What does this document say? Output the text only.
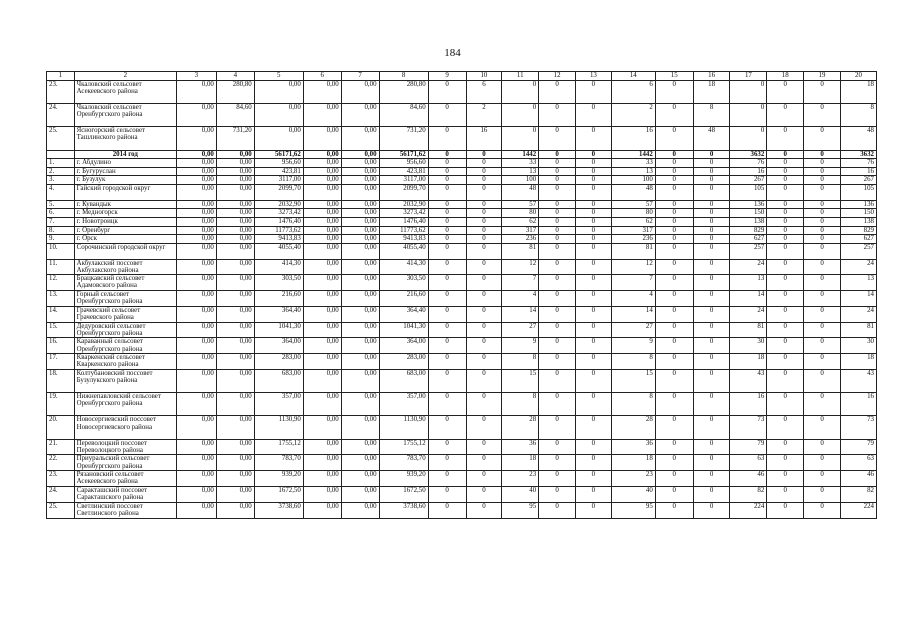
184
1	2	3	4	5	6	7	8	9	10	11	12	13	14	15	16	17	18	19	20
23.	Чкаловский сельсовет Асекеевского района	0,00	280,80	0,00	0,00	0,00	280,80	0	6	0	0	0	6	0	18	0	0	0	18
24.	Чкаловский сельсовет Оренбургского района	0,00	84,60	0,00	0,00	0,00	84,60	0	2	0	0	0	2	0	8	0	0	0	8
25.	Ясногорский сельсовет Ташлинского района	0,00	731,20	0,00	0,00	0,00	731,20	0	16	0	0	0	16	0	48	0	0	0	48
	2014 год	0,00	0,00	56171,62	0,00	0,00	56171,62	0	0	1442	0	0	1442	0	0	3632	0	0	3632
1.	г. Абдулино	0,00	0,00	956,60	0,00	0,00	956,60	0	0	33	0	0	33	0	0	76	0	0	76
2.	г. Бугуруслан	0,00	0,00	423,81	0,00	0,00	423,81	0	0	13	0	0	13	0	0	16	0	0	16
3.	г. Бузулук	0,00	0,00	3117,00	0,00	0,00	3117,00	0	0	100	0	0	100	0	0	267	0	0	267
4.	Гайский городской округ	0,00	0,00	2099,70	0,00	0,00	2099,70	0	0	48	0	0	48	0	0	105	0	0	105
5.	г. Кувандык	0,00	0,00	2032,90	0,00	0,00	2032,90	0	0	57	0	0	57	0	0	136	0	0	136
6.	г. Медногорск	0,00	0,00	3273,42	0,00	0,00	3273,42	0	0	80	0	0	80	0	0	150	0	0	150
7.	г. Новотроицк	0,00	0,00	1476,40	0,00	0,00	1476,40	0	0	62	0	0	62	0	0	138	0	0	138
8.	г. Оренбург	0,00	0,00	11773,62	0,00	0,00	11773,62	0	0	317	0	0	317	0	0	829	0	0	829
9.	г. Орск	0,00	0,00	9413,83	0,00	0,00	9413,83	0	0	236	0	0	236	0	0	627	0	0	627
10.	Сорочинский городской округ	0,00	0,00	4055,40	0,00	0,00	4055,40	0	0	81	0	0	81	0	0	257	0	0	257
11.	Акбулакский поссовет Акбулакского района	0,00	0,00	414,30	0,00	0,00	414,30	0	0	12	0	0	12	0	0	24	0	0	24
12.	Брацкавский сельсовет Адамовского района	0,00	0,00	303,50	0,00	0,00	303,50	0	0	7	0	0	7	0	0	13	0	0	13
13.	Горный сельсовет Оренбургского района	0,00	0,00	216,60	0,00	0,00	216,60	0	0	4	0	0	4	0	0	14	0	0	14
14.	Грачевский сельсовет Грачевского района	0,00	0,00	364,40	0,00	0,00	364,40	0	0	14	0	0	14	0	0	24	0	0	24
15.	Дедуровский сельсовет Оренбургского района	0,00	0,00	1041,30	0,00	0,00	1041,30	0	0	27	0	0	27	0	0	81	0	0	81
16.	Караванный сельсовет Оренбургского района	0,00	0,00	364,00	0,00	0,00	364,00	0	0	9	0	0	9	0	0	30	0	0	30
17.	Кваркенский сельсовет Кваркенского района	0,00	0,00	283,00	0,00	0,00	283,00	0	0	8	0	0	8	0	0	18	0	0	18
18.	Колтубановский поссовет Бузулукского района	0,00	0,00	683,00	0,00	0,00	683,00	0	0	15	0	0	15	0	0	43	0	0	43
19.	Нижнепавловский сельсовет Оренбургского района	0,00	0,00	357,00	0,00	0,00	357,00	0	0	8	0	0	8	0	0	16	0	0	16
20.	Новосергиевский поссовет Новосергиевского района	0,00	0,00	1130,90	0,00	0,00	1130,90	0	0	28	0	0	28	0	0	73	0	0	73
21.	Переволоцкий поссовет Переволоцкого района	0,00	0,00	1755,12	0,00	0,00	1755,12	0	0	36	0	0	36	0	0	79	0	0	79
22.	Приуральский сельсовет Оренбургского района	0,00	0,00	783,70	0,00	0,00	783,70	0	0	18	0	0	18	0	0	63	0	0	63
23.	Рязановский сельсовет Асекеевского района	0,00	0,00	939,20	0,00	0,00	939,20	0	0	23	0	0	23	0	0	46	0	0	46
24.	Саракташский поссовет Саракташского района	0,00	0,00	1672,50	0,00	0,00	1672,50	0	0	40	0	0	40	0	0	82	0	0	82
25.	Светлинский поссовет Светлинского района	0,00	0,00	3738,60	0,00	0,00	3738,60	0	0	95	0	0	95	0	0	224	0	0	224
